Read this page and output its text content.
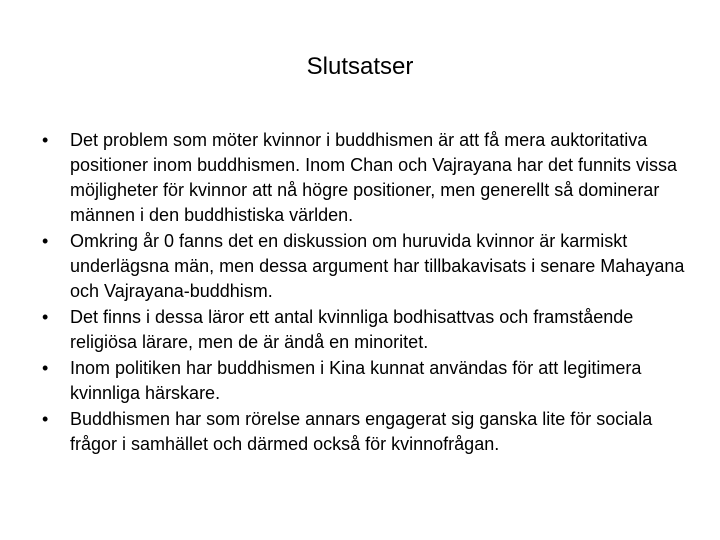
Slutsatser
• Det problem som möter kvinnor i buddhismen är att få mera auktoritativa positioner inom buddhismen. Inom Chan och Vajrayana har det funnits vissa möjligheter för kvinnor att nå högre positioner, men generellt så dominerar männen i den buddhistiska världen.
• Omkring år 0 fanns det en diskussion om huruvida kvinnor är karmiskt underlägsna män, men dessa argument har tillbakavisats i senare Mahayana och Vajrayana-buddhism.
• Det finns i dessa läror ett antal kvinnliga bodhisattvas och framstående religiösa lärare, men de är ändå en minoritet.
• Inom politiken har buddhismen i Kina kunnat användas för att legitimera kvinnliga härskare.
• Buddhismen har som rörelse annars engagerat sig ganska lite för sociala frågor i samhället och därmed också för kvinnofrågan.
